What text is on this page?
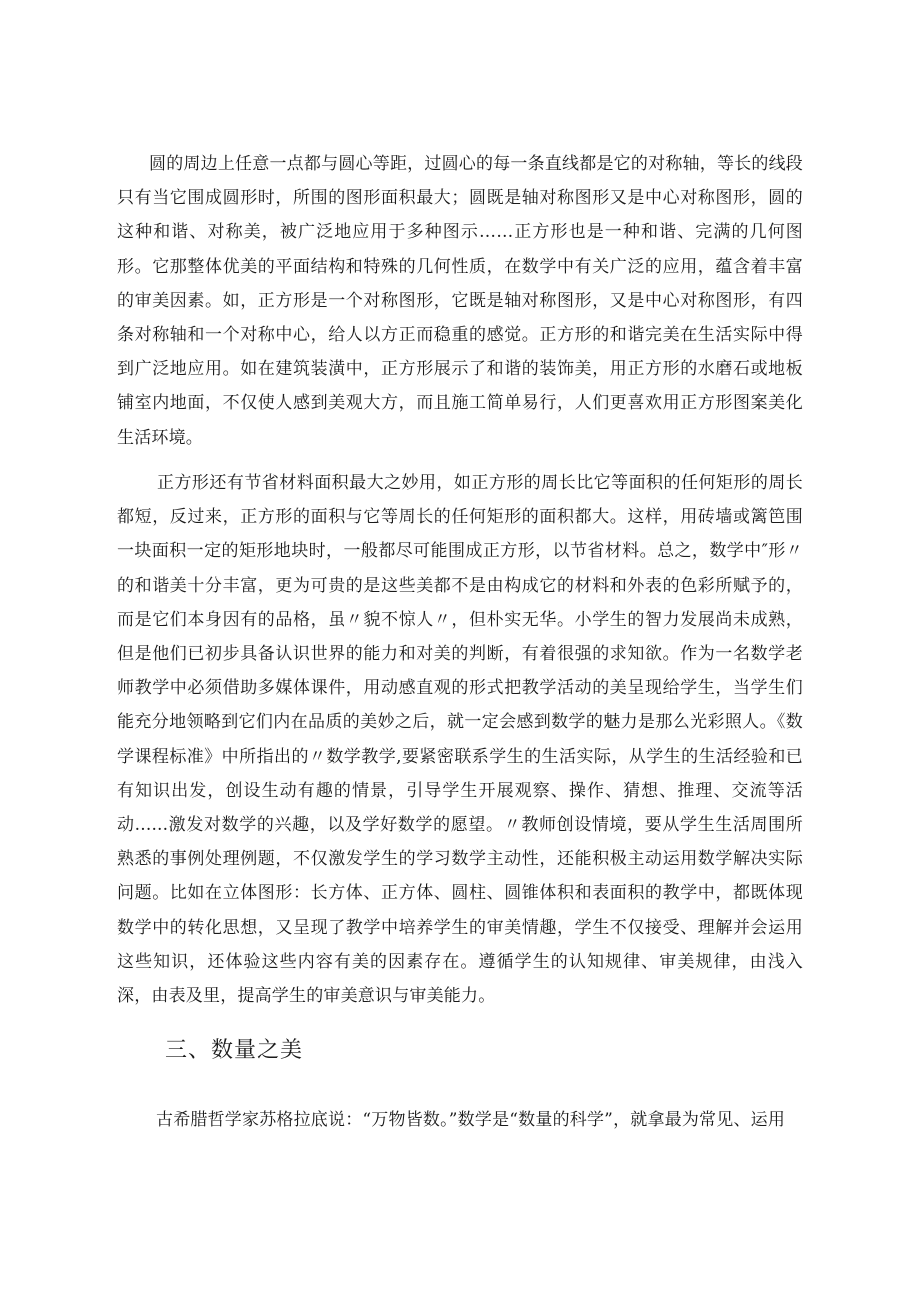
圆的周边上任意一点都与圆心等距，过圆心的每一条直线都是它的对称轴，等长的线段只有当它围成圆形时，所围的图形面积最大；圆既是轴对称图形又是中心对称图形，圆的这种和谐、对称美，被广泛地应用于多种图示……正方形也是一种和谐、完满的几何图形。它那整体优美的平面结构和特殊的几何性质，在数学中有关广泛的应用，蕴含着丰富的审美因素。如，正方形是一个对称图形，它既是轴对称图形，又是中心对称图形，有四条对称轴和一个对称中心，给人以方正而稳重的感觉。正方形的和谐完美在生活实际中得到广泛地应用。如在建筑装潢中，正方形展示了和谐的装饰美，用正方形的水磨石或地板铺室内地面，不仅使人感到美观大方，而且施工简单易行，人们更喜欢用正方形图案美化生活环境。

正方形还有节省材料面积最大之妙用，如正方形的周长比它等面积的任何矩形的周长都短，反过来，正方形的面积与它等周长的任何矩形的面积都大。这样，用砖墙或篱笆围一块面积一定的矩形地块时，一般都尽可能围成正方形，以节省材料。总之，数学中″形〃的和谐美十分丰富，更为可贵的是这些美都不是由构成它的材料和外表的色彩所赋予的，而是它们本身因有的品格，虽〃貌不惊人〃，但朴实无华。小学生的智力发展尚未成熟，但是他们已初步具备认识世界的能力和对美的判断，有着很强的求知欲。作为一名数学老师教学中必须借助多媒体课件，用动感直观的形式把教学活动的美呈现给学生，当学生们能充分地领略到它们内在品质的美妙之后，就一定会感到数学的魅力是那么光彩照人。《数学课程标准》中所指出的〃数学教学,要紧密联系学生的生活实际，从学生的生活经验和已有知识出发，创设生动有趣的情景，引导学生开展观察、操作、猜想、推理、交流等活动......激发对数学的兴趣，以及学好数学的愿望。〃教师创设情境，要从学生生活周围所熟悉的事例处理例题，不仅激发学生的学习数学主动性，还能积极主动运用数学解决实际问题。比如在立体图形：长方体、正方体、圆柱、圆锥体积和表面积的教学中，都既体现数学中的转化思想，又呈现了教学中培养学生的审美情趣，学生不仅接受、理解并会运用这些知识，还体验这些内容有美的因素存在。遵循学生的认知规律、审美规律，由浅入深，由表及里，提高学生的审美意识与审美能力。

三、数量之美

古希腊哲学家苏格拉底说：“万物皆数。”数学是“数量的科学”，就拿最为常见、运用
